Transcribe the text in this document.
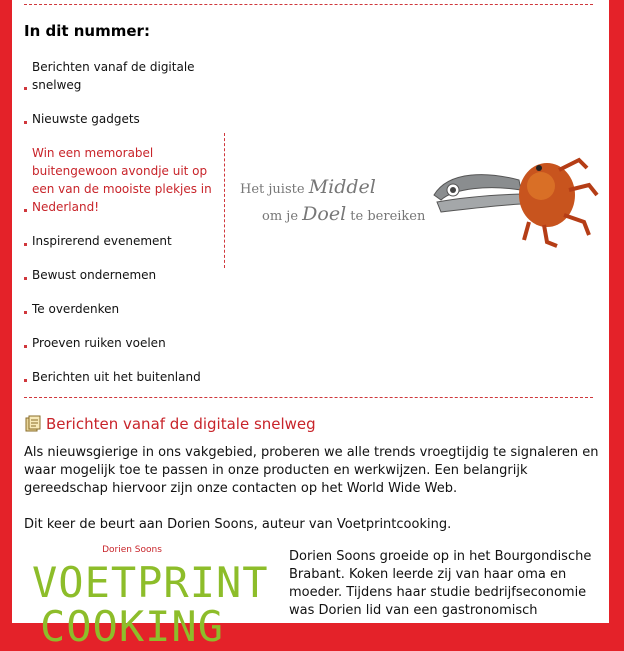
In dit nummer:
Berichten vanaf de digitale snelweg
Nieuwste gadgets
Win een memorabel buitengewoon avondje uit op een van de mooiste plekjes in Nederland!
Inspirerend evenement
Bewust ondernemen
Te overdenken
Proeven ruiken voelen
Berichten uit het buitenland
Het juiste Middel
om je Doel te bereiken
Berichten vanaf de digitale snelweg
Als nieuwsgierige in ons vakgebied, proberen we alle trends vroegtijdig te signaleren en waar mogelijk toe te passen in onze producten en werkwijzen. Een belangrijk gereedschap hiervoor zijn onze contacten op het World Wide Web.
Dit keer de beurt aan Dorien Soons, auteur van Voetprintcooking.
Dorien Soons
VOETPRINT
COOKING
Dorien Soons groeide op in het Bourgondische Brabant. Koken leerde zij van haar oma en moeder. Tijdens haar studie bedrijfseconomie was Dorien lid van een gastronomisch
